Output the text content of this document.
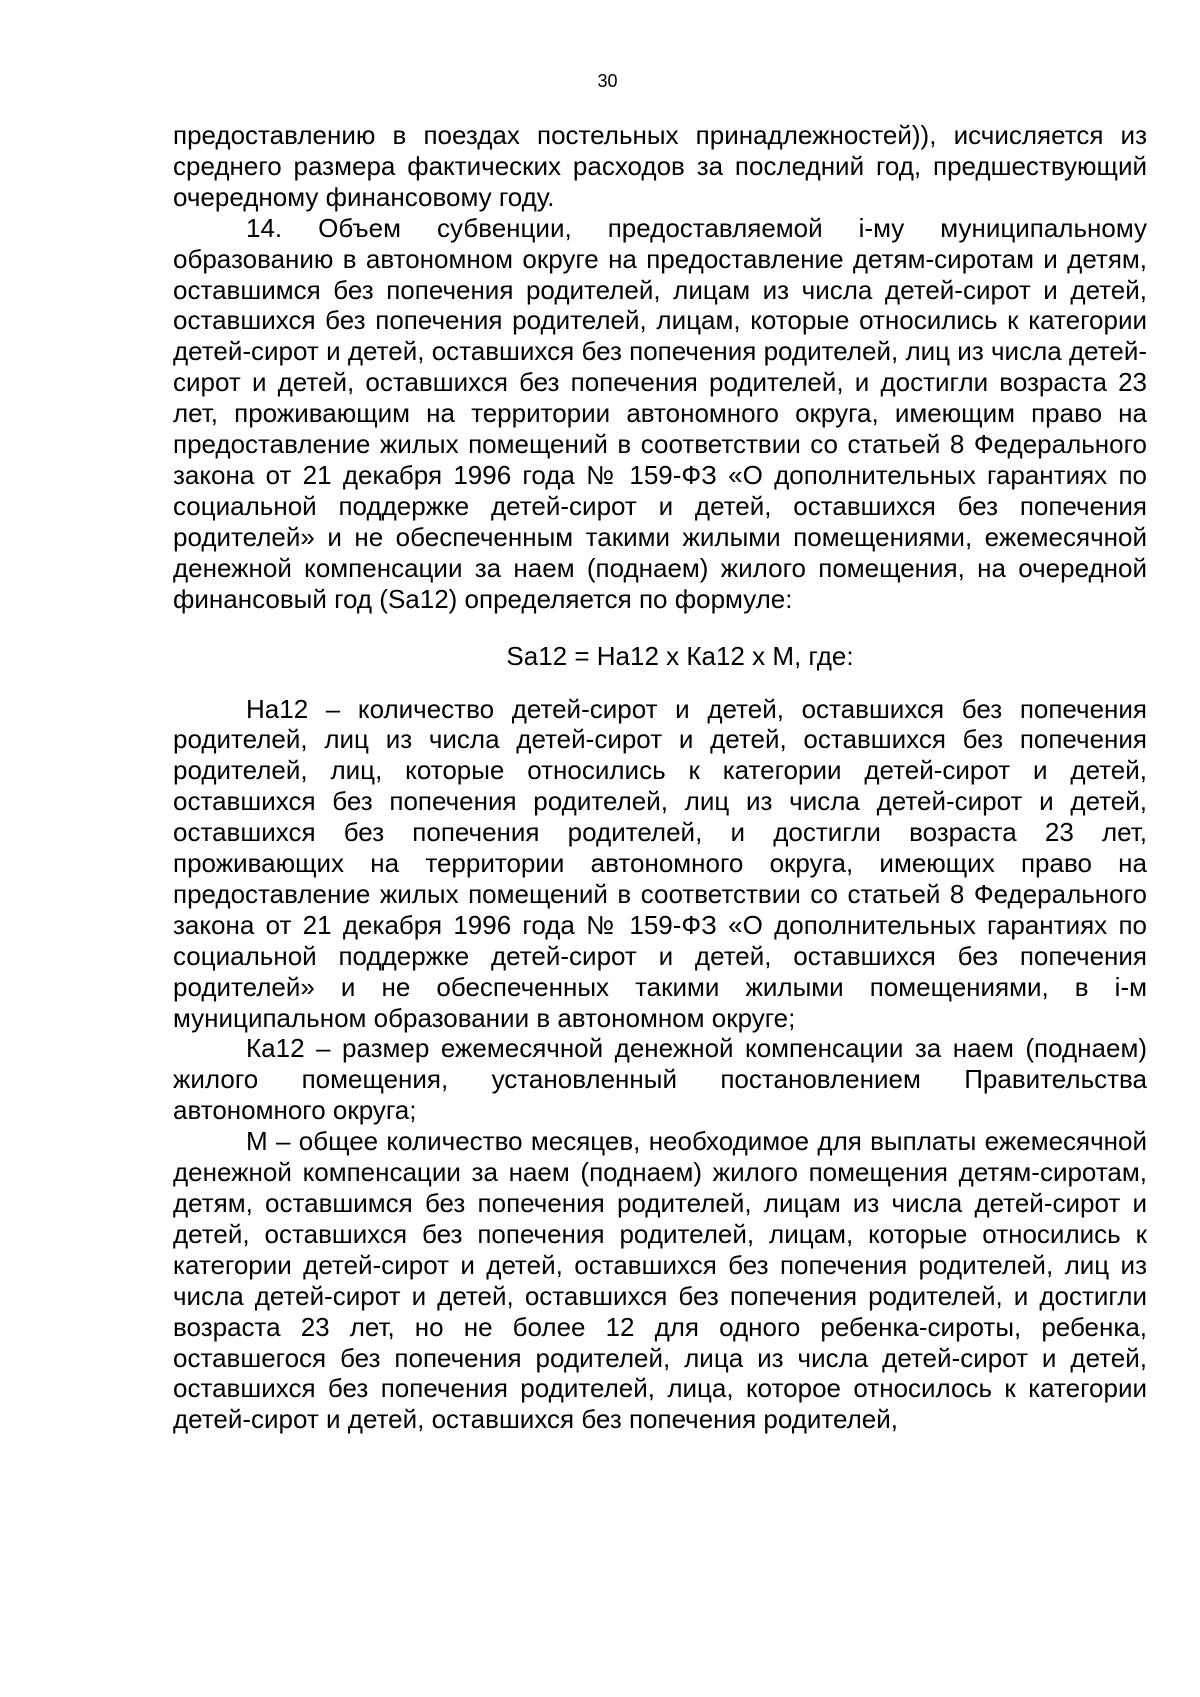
30

предоставлению в поездах постельных принадлежностей)), исчисляется из среднего размера фактических расходов за последний год, предшествующий очередному финансовому году.

14. Объем субвенции, предоставляемой i-му муниципальному образованию в автономном округе на предоставление детям-сиротам и детям, оставшимся без попечения родителей, лицам из числа детей-сирот и детей, оставшихся без попечения родителей, лицам, которые относились к категории детей-сирот и детей, оставшихся без попечения родителей, лиц из числа детей-сирот и детей, оставшихся без попечения родителей, и достигли возраста 23 лет, проживающим на территории автономного округа, имеющим право на предоставление жилых помещений в соответствии со статьей 8 Федерального закона от 21 декабря 1996 года № 159-ФЗ «О дополнительных гарантиях по социальной поддержке детей-сирот и детей, оставшихся без попечения родителей» и не обеспеченным такими жилыми помещениями, ежемесячной денежной компенсации за наем (поднаем) жилого помещения, на очередной финансовый год (Sa12) определяется по формуле:

Sa12 = На12 х Ка12 х М, где:

На12 – количество детей-сирот и детей, оставшихся без попечения родителей, лиц из числа детей-сирот и детей, оставшихся без попечения родителей, лиц, которые относились к категории детей-сирот и детей, оставшихся без попечения родителей, лиц из числа детей-сирот и детей, оставшихся без попечения родителей, и достигли возраста 23 лет, проживающих на территории автономного округа, имеющих право на предоставление жилых помещений в соответствии со статьей 8 Федерального закона от 21 декабря 1996 года № 159-ФЗ «О дополнительных гарантиях по социальной поддержке детей-сирот и детей, оставшихся без попечения родителей» и не обеспеченных такими жилыми помещениями, в i-м муниципальном образовании в автономном округе;

Ка12 – размер ежемесячной денежной компенсации за наем (поднаем) жилого помещения, установленный постановлением Правительства автономного округа;

М – общее количество месяцев, необходимое для выплаты ежемесячной денежной компенсации за наем (поднаем) жилого помещения детям-сиротам, детям, оставшимся без попечения родителей, лицам из числа детей-сирот и детей, оставшихся без попечения родителей, лицам, которые относились к категории детей-сирот и детей, оставшихся без попечения родителей, лиц из числа детей-сирот и детей, оставшихся без попечения родителей, и достигли возраста 23 лет, но не более 12 для одного ребенка-сироты, ребенка, оставшегося без попечения родителей, лица из числа детей-сирот и детей, оставшихся без попечения родителей, лица, которое относилось к категории детей-сирот и детей, оставшихся без попечения родителей,
